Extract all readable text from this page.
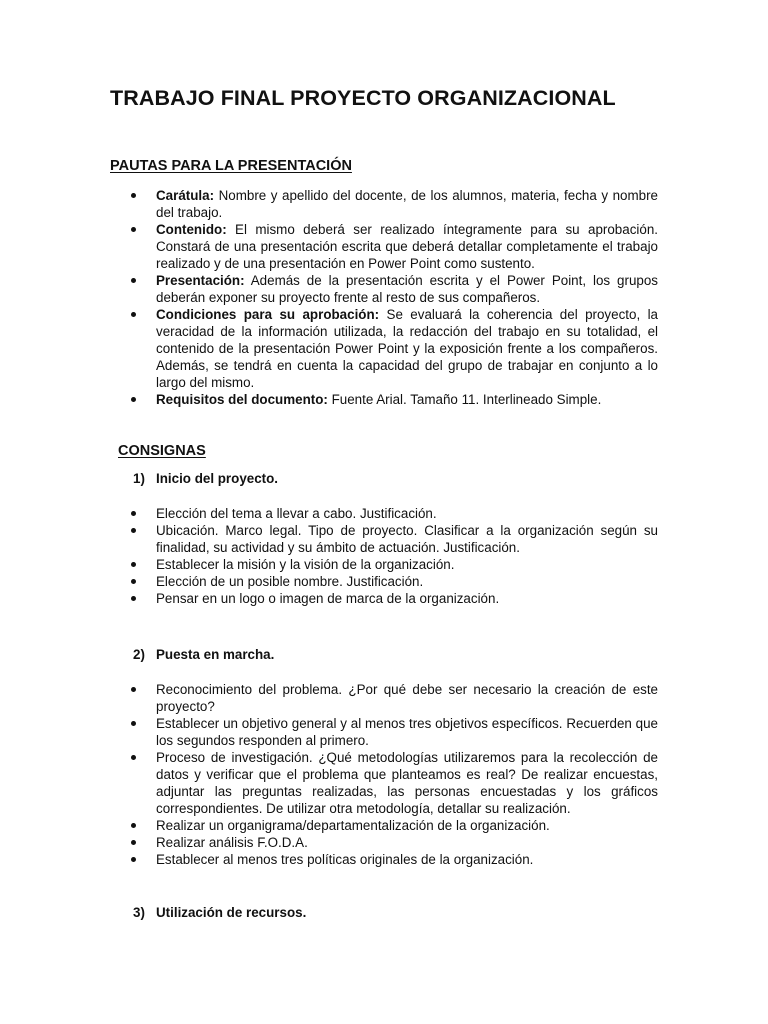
TRABAJO FINAL PROYECTO ORGANIZACIONAL
PAUTAS PARA LA PRESENTACIÓN
Carátula: Nombre y apellido del docente, de los alumnos, materia, fecha y nombre del trabajo.
Contenido: El mismo deberá ser realizado íntegramente para su aprobación. Constará de una presentación escrita que deberá detallar completamente el trabajo realizado y de una presentación en Power Point como sustento.
Presentación: Además de la presentación escrita y el Power Point, los grupos deberán exponer su proyecto frente al resto de sus compañeros.
Condiciones para su aprobación: Se evaluará la coherencia del proyecto, la veracidad de la información utilizada, la redacción del trabajo en su totalidad, el contenido de la presentación Power Point y la exposición frente a los compañeros. Además, se tendrá en cuenta la capacidad del grupo de trabajar en conjunto a lo largo del mismo.
Requisitos del documento: Fuente Arial. Tamaño 11. Interlineado Simple.
CONSIGNAS
1) Inicio del proyecto.
Elección del tema a llevar a cabo. Justificación.
Ubicación. Marco legal. Tipo de proyecto. Clasificar a la organización según su finalidad, su actividad y su ámbito de actuación. Justificación.
Establecer la misión y la visión de la organización.
Elección de un posible nombre. Justificación.
Pensar en un logo o imagen de marca de la organización.
2) Puesta en marcha.
Reconocimiento del problema. ¿Por qué debe ser necesario la creación de este proyecto?
Establecer un objetivo general y al menos tres objetivos específicos. Recuerden que los segundos responden al primero.
Proceso de investigación. ¿Qué metodologías utilizaremos para la recolección de datos y verificar que el problema que planteamos es real? De realizar encuestas, adjuntar las preguntas realizadas, las personas encuestadas y los gráficos correspondientes. De utilizar otra metodología, detallar su realización.
Realizar un organigrama/departamentalización de la organización.
Realizar análisis F.O.D.A.
Establecer al menos tres políticas originales de la organización.
3) Utilización de recursos.
